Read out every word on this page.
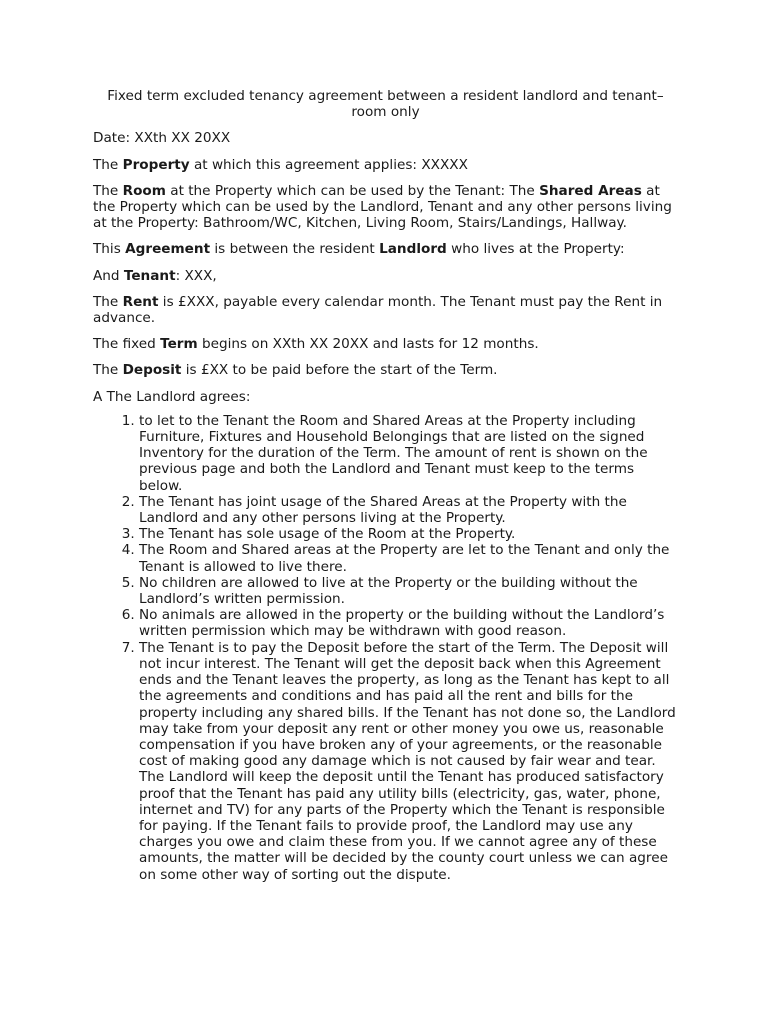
Fixed term excluded tenancy agreement between a resident landlord and tenant–
room only

Date: XXth XX 20XX

The Property at which this agreement applies: XXXXX

The Room at the Property which can be used by the Tenant: The Shared Areas at the Property which can be used by the Landlord, Tenant and any other persons living at the Property: Bathroom/WC, Kitchen, Living Room, Stairs/Landings, Hallway.

This Agreement is between the resident Landlord who lives at the Property:

And Tenant: XXX,

The Rent is £XXX, payable every calendar month. The Tenant must pay the Rent in advance.

The fixed Term begins on XXth XX 20XX and lasts for 12 months.

The Deposit is £XX to be paid before the start of the Term.

A The Landlord agrees:

1. to let to the Tenant the Room and Shared Areas at the Property including Furniture, Fixtures and Household Belongings that are listed on the signed Inventory for the duration of the Term. The amount of rent is shown on the previous page and both the Landlord and Tenant must keep to the terms below.
2. The Tenant has joint usage of the Shared Areas at the Property with the Landlord and any other persons living at the Property.
3. The Tenant has sole usage of the Room at the Property.
4. The Room and Shared areas at the Property are let to the Tenant and only the Tenant is allowed to live there.
5. No children are allowed to live at the Property or the building without the Landlord’s written permission.
6. No animals are allowed in the property or the building without the Landlord’s written permission which may be withdrawn with good reason.
7. The Tenant is to pay the Deposit before the start of the Term. The Deposit will not incur interest. The Tenant will get the deposit back when this Agreement ends and the Tenant leaves the property, as long as the Tenant has kept to all the agreements and conditions and has paid all the rent and bills for the property including any shared bills. If the Tenant has not done so, the Landlord may take from your deposit any rent or other money you owe us, reasonable compensation if you have broken any of your agreements, or the reasonable cost of making good any damage which is not caused by fair wear and tear. The Landlord will keep the deposit until the Tenant has produced satisfactory proof that the Tenant has paid any utility bills (electricity, gas, water, phone, internet and TV) for any parts of the Property which the Tenant is responsible for paying. If the Tenant fails to provide proof, the Landlord may use any charges you owe and claim these from you. If we cannot agree any of these amounts, the matter will be decided by the county court unless we can agree on some other way of sorting out the dispute.
